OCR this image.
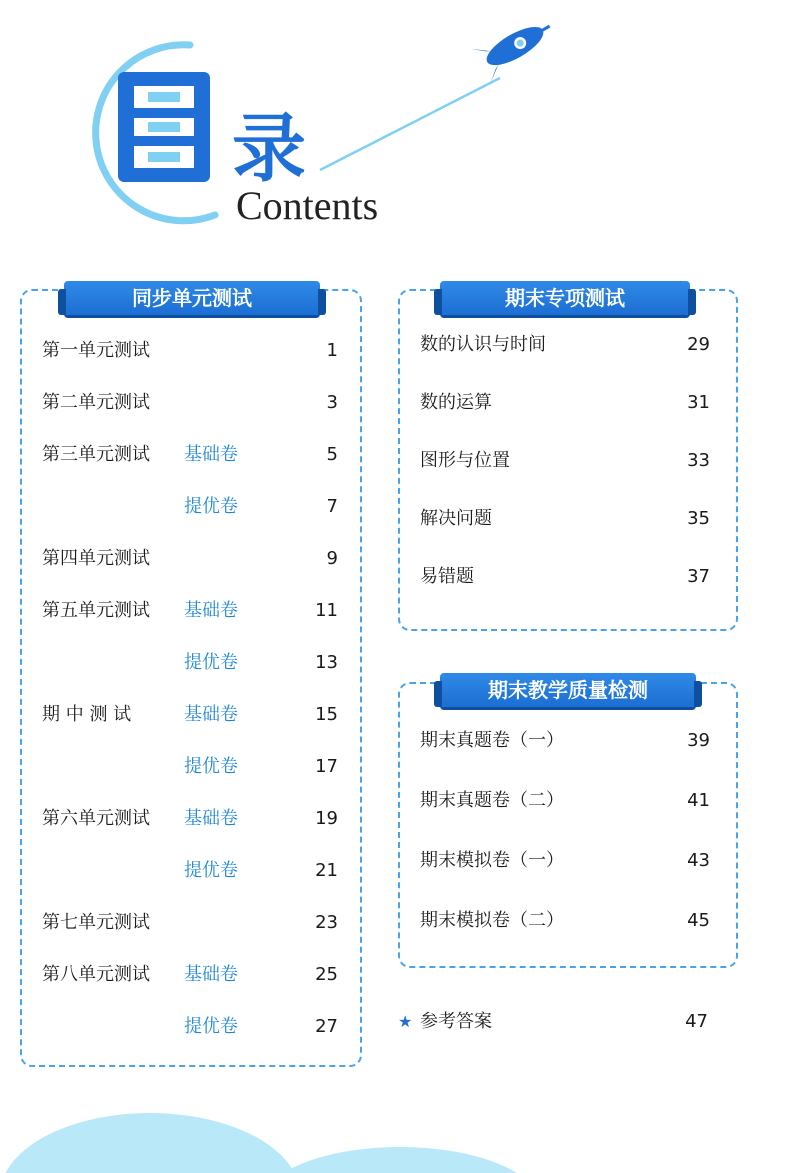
录
Contents
同步单元测试
第一单元测试	1
第二单元测试	3
第三单元测试 基础卷	5
提优卷	7
第四单元测试	9
第五单元测试 基础卷	11
提优卷	13
期 中 测 试	基础卷	15
提优卷	17
第六单元测试 基础卷	19
提优卷	21
第七单元测试	23
第八单元测试 基础卷	25
提优卷	27
期末专项测试
数的认识与时间	29
数的运算	31
图形与位置	33
解决问题	35
易错题	37
期末教学质量检测
期末真题卷（一）	39
期末真题卷（二）	41
期末模拟卷（一）	43
期末模拟卷（二）	45
★ 参考答案	47
